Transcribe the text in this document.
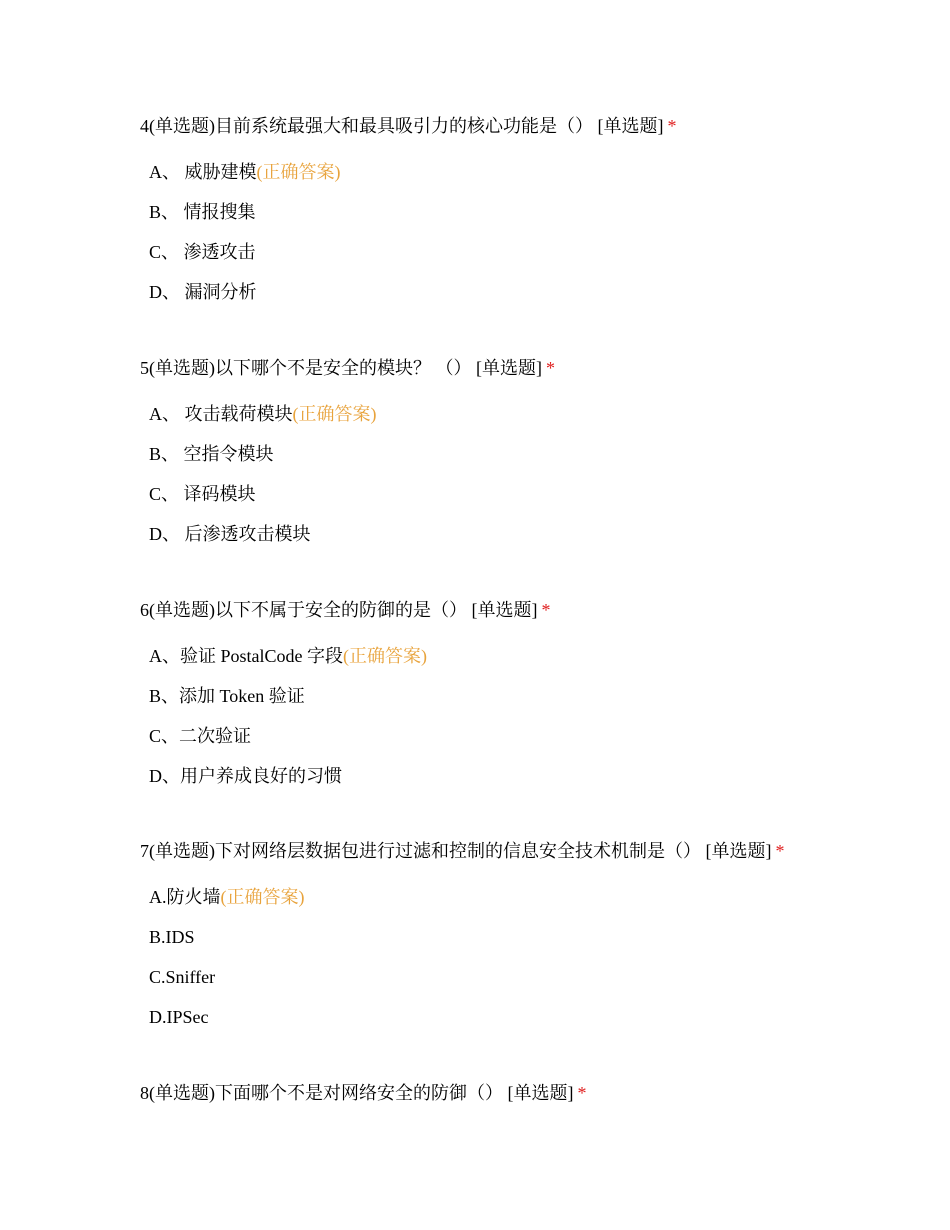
4(单选题)目前系统最强大和最具吸引力的核心功能是（） [单选题] *
A、 威胁建模(正确答案)
B、 情报搜集
C、 渗透攻击
D、 漏洞分析
5(单选题)以下哪个不是安全的模块？ （） [单选题] *
A、 攻击载荷模块(正确答案)
B、 空指令模块
C、 译码模块
D、 后渗透攻击模块
6(单选题)以下不属于安全的防御的是（） [单选题] *
A、验证 PostalCode 字段(正确答案)
B、添加 Token 验证
C、二次验证
D、用户养成良好的习惯
7(单选题)下对网络层数据包进行过滤和控制的信息安全技术机制是（） [单选题] *
A.防火墙(正确答案)
B.IDS
C.Sniffer
D.IPSec
8(单选题)下面哪个不是对网络安全的防御（） [单选题] *
